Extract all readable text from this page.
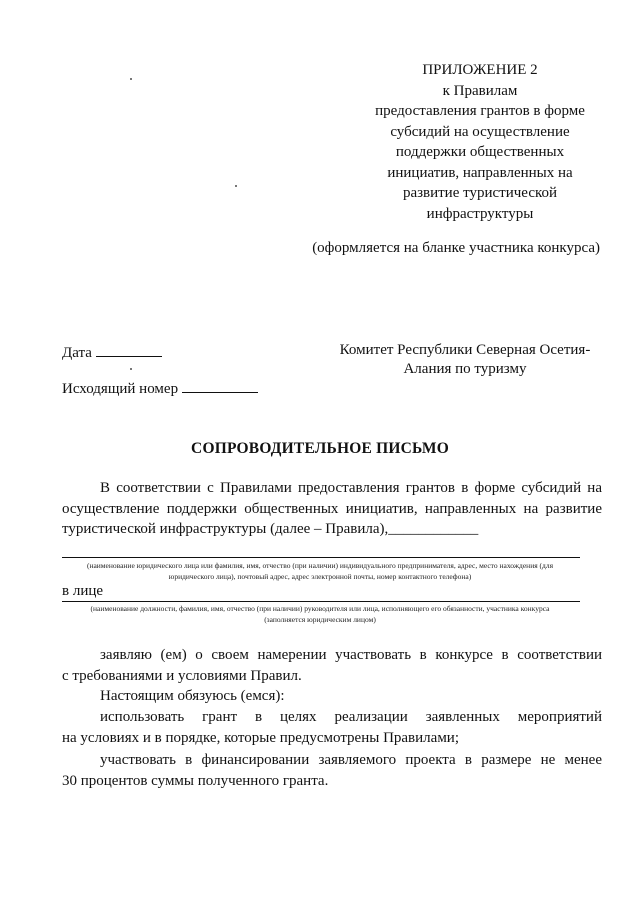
ПРИЛОЖЕНИЕ 2
к Правилам
предоставления грантов в форме
субсидий на осуществление
поддержки общественных
инициатив, направленных на
развитие туристической
инфраструктуры
(оформляется на бланке участника конкурса)
Дата
Исходящий номер
Комитет Республики Северная Осетия-
Алания по туризму
СОПРОВОДИТЕЛЬНОЕ ПИСЬМО
В соответствии с Правилами предоставления грантов в форме субсидий на
осуществление поддержки общественных инициатив, направленных на развитие
туристической инфраструктуры (далее – Правила),____________
(наименование юридического лица или фамилия, имя, отчество (при наличии) индивидуального предпринимателя, адрес, место нахождения (для
юридического лица), почтовый адрес, адрес электронной почты, номер контактного телефона)
в лице
(наименование должности, фамилия, имя, отчество (при наличии) руководителя или лица, исполняющего его обязанности, участника конкурса
(заполняется юридическим лицом)
заявляю (ем) о своем намерении участвовать в конкурсе в соответствии
с требованиями и условиями Правил.
Настоящим обязуюсь (емся):
использовать грант в целях реализации заявленных мероприятий
на условиях и в порядке, которые предусмотрены Правилами;
участвовать в финансировании заявляемого проекта в размере не менее
30 процентов суммы полученного гранта.
